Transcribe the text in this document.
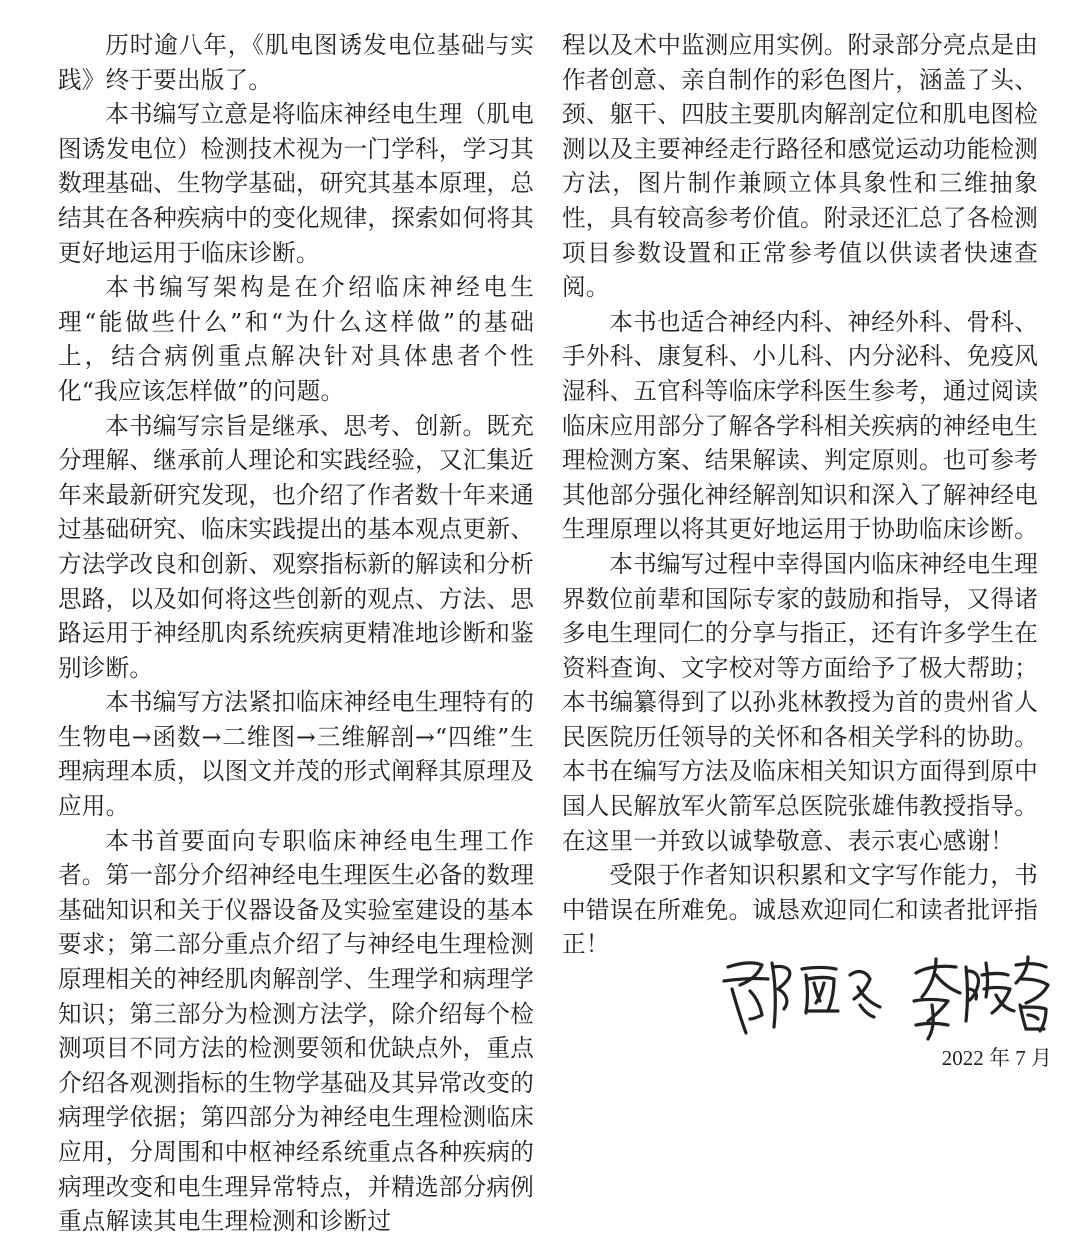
历时逾八年，《肌电图诱发电位基础与实践》终于要出版了。

本书编写立意是将临床神经电生理（肌电图诱发电位）检测技术视为一门学科，学习其数理基础、生物学基础，研究其基本原理，总结其在各种疾病中的变化规律，探索如何将其更好地运用于临床诊断。

本书编写架构是在介绍临床神经电生理“能做些什么”和“为什么这样做”的基础上，结合病例重点解决针对具体患者个性化“我应该怎样做”的问题。

本书编写宗旨是继承、思考、创新。既充分理解、继承前人理论和实践经验，又汇集近年来最新研究发现，也介绍了作者数十年来通过基础研究、临床实践提出的基本观点更新、方法学改良和创新、观察指标新的解读和分析思路，以及如何将这些创新的观点、方法、思路运用于神经肌肉系统疾病更精准地诊断和鉴别诊断。

本书编写方法紧扣临床神经电生理特有的生物电→函数→二维图→三维解剖→“四维”生理病理本质，以图文并茂的形式阐释其原理及应用。

本书首要面向专职临床神经电生理工作者。第一部分介绍神经电生理医生必备的数理基础知识和关于仪器设备及实验室建设的基本要求；第二部分重点介绍了与神经电生理检测原理相关的神经肌肉解剖学、生理学和病理学知识；第三部分为检测方法学，除介绍每个检测项目不同方法的检测要领和优缺点外，重点介绍各观测指标的生物学基础及其异常改变的病理学依据；第四部分为神经电生理检测临床应用，分周围和中枢神经系统重点各种疾病的病理改变和电生理异常特点，并精选部分病例重点解读其电生理检测和诊断过

程以及术中监测应用实例。附录部分亮点是由作者创意、亲自制作的彩色图片，涵盖了头、颈、躯干、四肢主要肌肉解剖定位和肌电图检测以及主要神经走行路径和感觉运动功能检测方法，图片制作兼顾立体具象性和三维抽象性，具有较高参考价值。附录还汇总了各检测项目参数设置和正常参考值以供读者快速查阅。

本书也适合神经内科、神经外科、骨科、手外科、康复科、小儿科、内分泌科、免疫风湿科、五官科等临床学科医生参考，通过阅读临床应用部分了解各学科相关疾病的神经电生理检测方案、结果解读、判定原则。也可参考其他部分强化神经解剖知识和深入了解神经电生理原理以将其更好地运用于协助临床诊断。

本书编写过程中幸得国内临床神经电生理界数位前辈和国际专家的鼓励和指导，又得诸多电生理同仁的分享与指正，还有许多学生在资料查询、文字校对等方面给予了极大帮助；本书编纂得到了以孙兆林教授为首的贵州省人民医院历任领导的关怀和各相关学科的协助。本书在编写方法及临床相关知识方面得到原中国人民解放军火箭军总医院张雄伟教授指导。在这里一并致以诚挚敬意、表示衷心感谢！

受限于作者知识积累和文字写作能力，书中错误在所难免。诚恳欢迎同仁和读者批评指正！

2022 年 7 月
